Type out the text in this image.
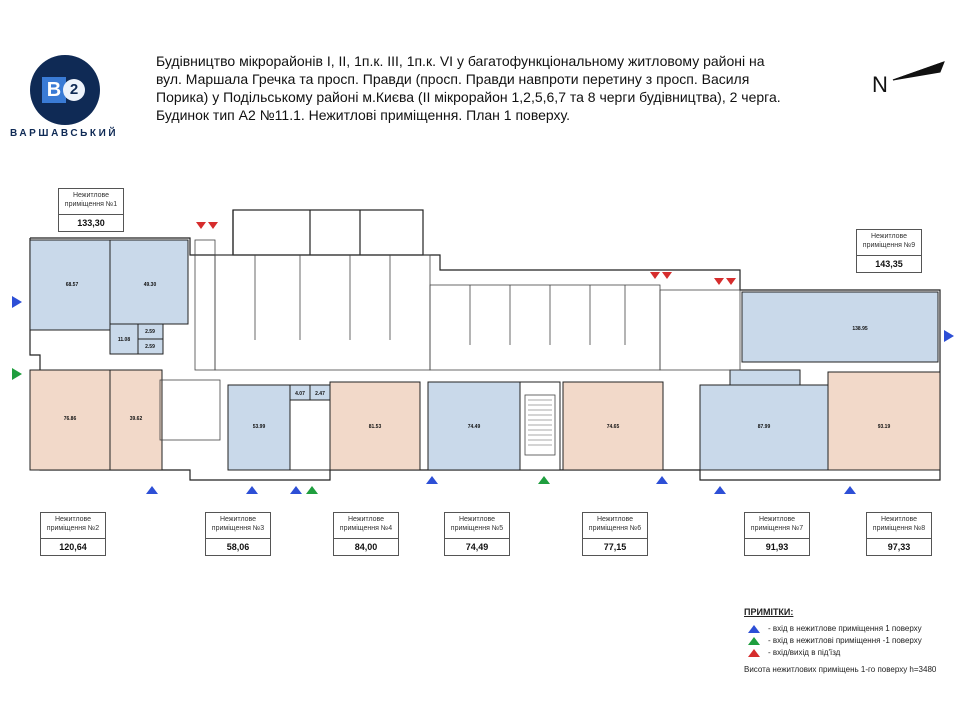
B 2
ВАРШАВСЬКИЙ
Будівництво мікрорайонів І, ІІ, 1п.к. ІІІ, 1п.к. VІ у багатофункціональному житловому районі на
вул. Маршала Гречка та просп. Правди (просп. Правди навпроти перетину з просп. Василя
Порика) у Подільському районі м.Києва (ІІ мікрорайон 1,2,5,6,7 та 8 черги будівництва), 2 черга.
Будинок тип А2 №11.1. Нежитлові приміщення. План 1 поверху.
N
68.57	49.30
11.08
2.59
2.59
76.86	39.62
53.99
4.07 2.47
81.53	74.49	74.65	87.99	93.19
138.95
Нежитлове приміщення №1
133,30
Нежитлове приміщення №9
143,35
Нежитлове приміщення №2
120,64
Нежитлове приміщення №3
58,06
Нежитлове приміщення №4
84,00
Нежитлове приміщення №5
74,49
Нежитлове приміщення №6
77,15
Нежитлове приміщення №7
91,93
Нежитлове приміщення №8
97,33
ПРИМІТКИ:
- вхід в нежитлове приміщення 1 поверху
- вхід в нежитлові приміщення -1 поверху
- вхід/вихід в під'їзд
Висота нежитлових приміщень 1-го поверху h=3480
